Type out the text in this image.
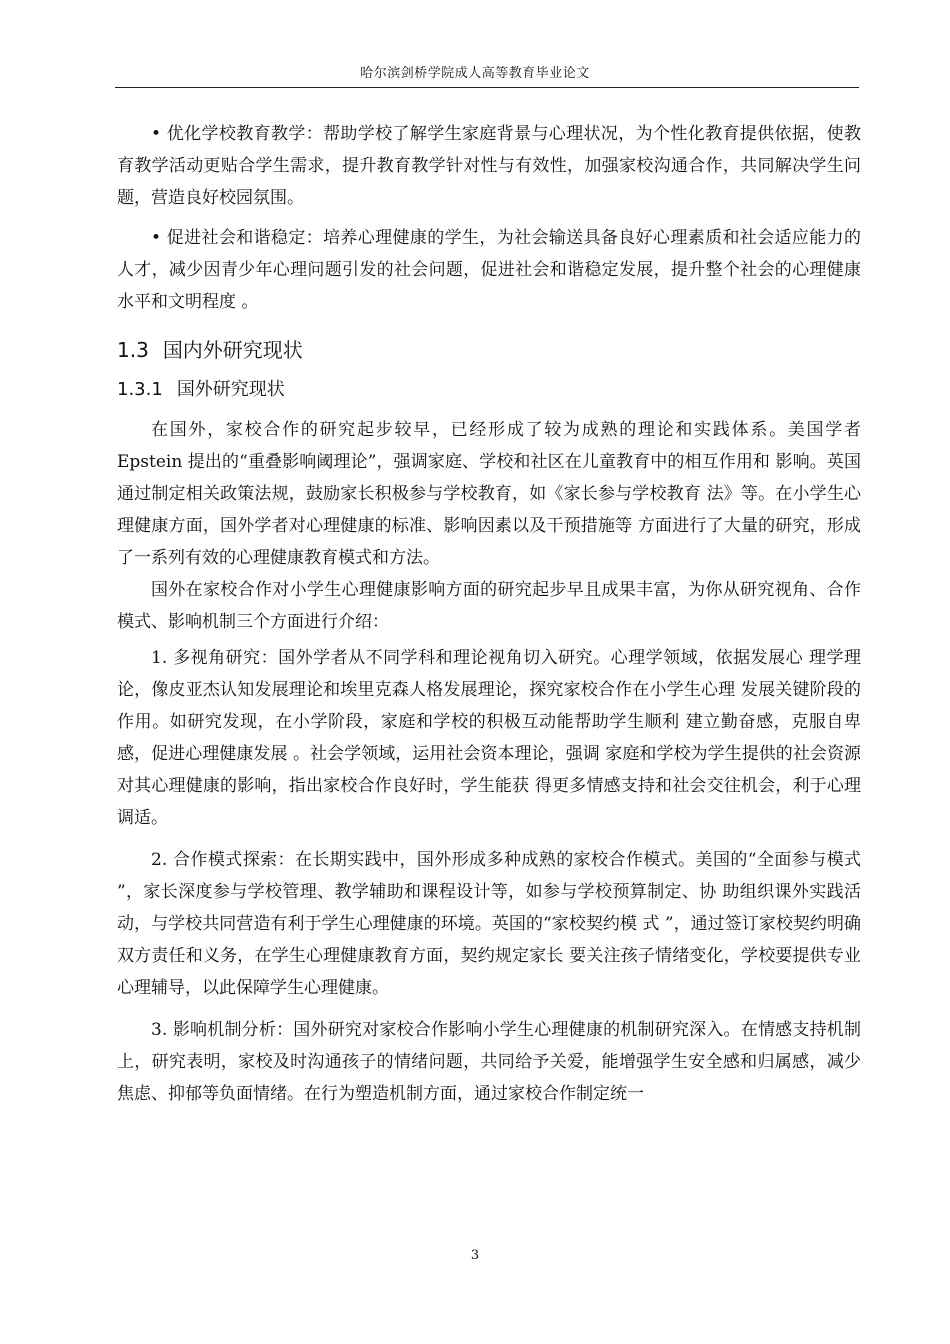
哈尔滨剑桥学院成人高等教育毕业论文

• 优化学校教育教学：帮助学校了解学生家庭背景与心理状况，为个性化教育提供依据，使教育教学活动更贴合学生需求，提升教育教学针对性与有效性，加强家校沟通合作，共同解决学生问题，营造良好校园氛围。

• 促进社会和谐稳定：培养心理健康的学生，为社会输送具备良好心理素质和社会适应能力的人才，减少因青少年心理问题引发的社会问题，促进社会和谐稳定发展，提升整个社会的心理健康水平和文明程度 。

1.3 国内外研究现状
1.3.1 国外研究现状

在国外，家校合作的研究起步较早，已经形成了较为成熟的理论和实践体系。美国学者 Epstein 提出的“重叠影响阈理论”，强调家庭、学校和社区在儿童教育中的相互作用和 影响。英国通过制定相关政策法规，鼓励家长积极参与学校教育，如《家长参与学校教育 法》等。在小学生心理健康方面，国外学者对心理健康的标准、影响因素以及干预措施等 方面进行了大量的研究，形成了一系列有效的心理健康教育模式和方法。

国外在家校合作对小学生心理健康影响方面的研究起步早且成果丰富，为你从研究视角、合作模式、影响机制三个方面进行介绍：

1. 多视角研究：国外学者从不同学科和理论视角切入研究。心理学领域，依据发展心 理学理论，像皮亚杰认知发展理论和埃里克森人格发展理论，探究家校合作在小学生心理 发展关键阶段的作用。如研究发现，在小学阶段，家庭和学校的积极互动能帮助学生顺利 建立勤奋感，克服自卑感，促进心理健康发展 。社会学领域，运用社会资本理论，强调 家庭和学校为学生提供的社会资源对其心理健康的影响，指出家校合作良好时，学生能获 得更多情感支持和社会交往机会，利于心理调适。

2. 合作模式探索：在长期实践中，国外形成多种成熟的家校合作模式。美国的“全面参与模式 ”，家长深度参与学校管理、教学辅助和课程设计等，如参与学校预算制定、协 助组织课外实践活动，与学校共同营造有利于学生心理健康的环境。英国的“家校契约模 式 ”，通过签订家校契约明确双方责任和义务，在学生心理健康教育方面，契约规定家长 要关注孩子情绪变化，学校要提供专业心理辅导，以此保障学生心理健康。

3. 影响机制分析：国外研究对家校合作影响小学生心理健康的机制研究深入。在情感支持机制上，研究表明，家校及时沟通孩子的情绪问题，共同给予关爱，能增强学生安全感和归属感，减少焦虑、抑郁等负面情绪。在行为塑造机制方面，通过家校合作制定统一

3
